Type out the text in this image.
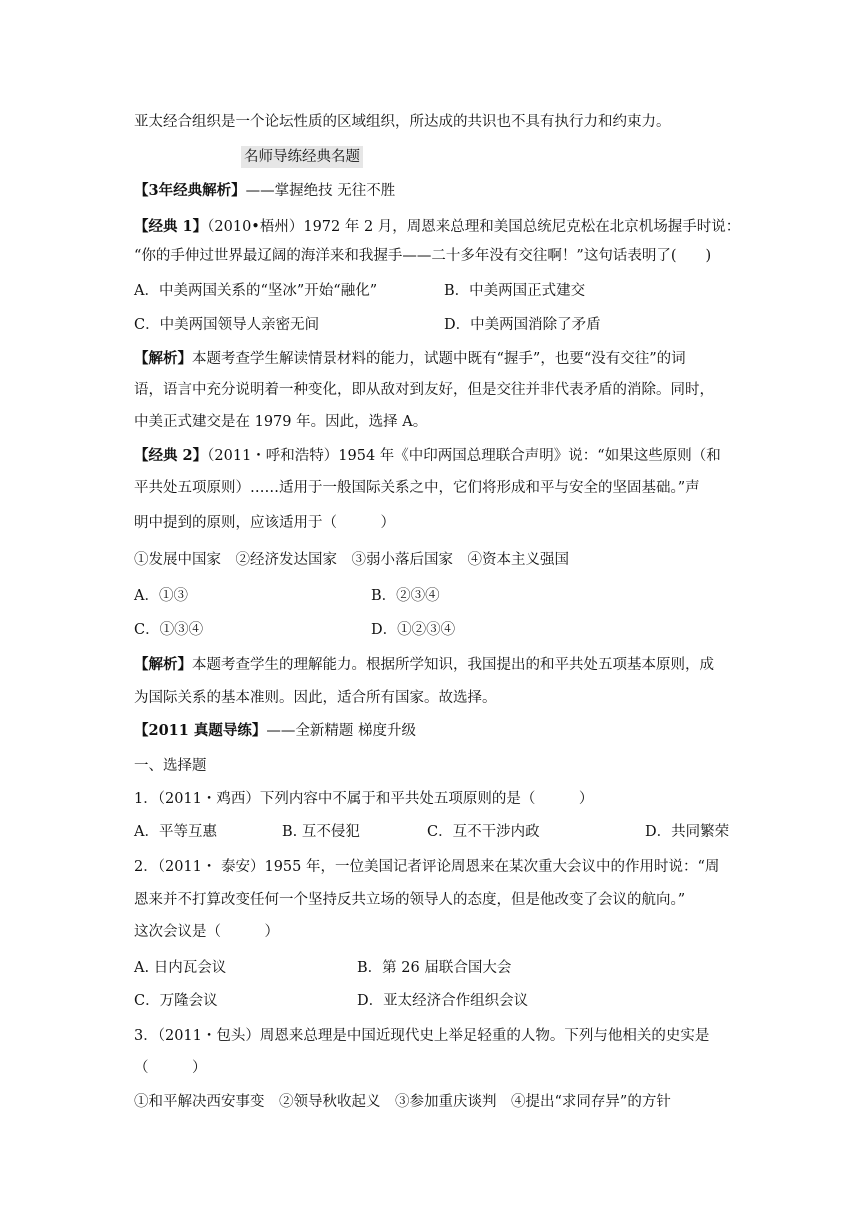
亚太经合组织是一个论坛性质的区域组织，所达成的共识也不具有执行力和约束力。
名师导练经典名题
【3年经典解析】——掌握绝技 无往不胜
【经典 1】（2010•梧州）1972 年 2 月，周恩来总理和美国总统尼克松在北京机场握手时说：
“你的手伸过世界最辽阔的海洋来和我握手——二十多年没有交往啊！”这句话表明了(　　)
A．中美两国关系的“坚冰”开始“融化”	B．中美两国正式建交
C．中美两国领导人亲密无间	D．中美两国消除了矛盾
【解析】本题考查学生解读情景材料的能力，试题中既有“握手”，也要“没有交往”的词
语，语言中充分说明着一种变化，即从敌对到友好，但是交往并非代表矛盾的消除。同时，
中美正式建交是在 1979 年。因此，选择 A。
【经典 2】（2011・呼和浩特）1954 年《中印两国总理联合声明》说：“如果这些原则（和
平共处五项原则）……适用于一般国际关系之中，它们将形成和平与安全的坚固基础。”声
明中提到的原则，应该适用于（　　　）
①发展中国家　②经济发达国家　③弱小落后国家　④资本主义强国
A．①③	B．②③④
C．①③④	D．①②③④
【解析】本题考查学生的理解能力。根据所学知识，我国提出的和平共处五项基本原则，成
为国际关系的基本准则。因此，适合所有国家。故选择。
【2011 真题导练】——全新精题 梯度升级
一、选择题
1．（2011・鸡西）下列内容中不属于和平共处五项原则的是（　　　）
A．平等互惠	B. 互不侵犯	C．互不干涉内政	D．共同繁荣
2．（2011・ 泰安）1955 年，一位美国记者评论周恩来在某次重大会议中的作用时说：“周
恩来并不打算改变任何一个坚持反共立场的领导人的态度，但是他改变了会议的航向。”
这次会议是（　　　）
A. 日内瓦会议	B．第 26 届联合国大会
C．万隆会议	D．亚太经济合作组织会议
3．（2011・包头）周恩来总理是中国近现代史上举足轻重的人物。下列与他相关的史实是
（　　　）
①和平解决西安事变　②领导秋收起义　③参加重庆谈判　④提出“求同存异”的方针
